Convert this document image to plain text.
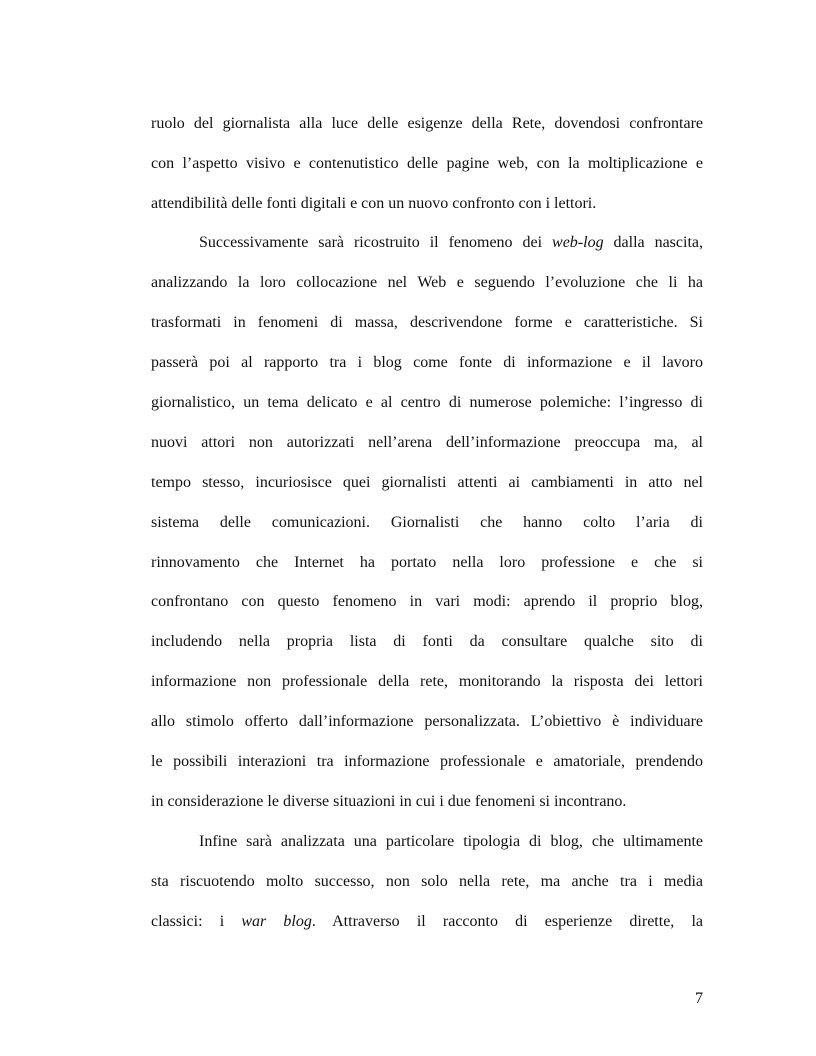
ruolo del giornalista alla luce delle esigenze della Rete, dovendosi confrontare
con l’aspetto visivo e contenutistico delle pagine web, con la moltiplicazione e
attendibilità delle fonti digitali e con un nuovo confronto con i lettori.
Successivamente sarà ricostruito il fenomeno dei web-log dalla nascita,
analizzando la loro collocazione nel Web e seguendo l’evoluzione che li ha
trasformati in fenomeni di massa, descrivendone forme e caratteristiche. Si
passerà poi al rapporto tra i blog come fonte di informazione e il lavoro
giornalistico, un tema delicato e al centro di numerose polemiche: l’ingresso di
nuovi attori non autorizzati nell’arena dell’informazione preoccupa ma, al
tempo stesso, incuriosisce quei giornalisti attenti ai cambiamenti in atto nel
sistema delle comunicazioni. Giornalisti che hanno colto l’aria di
rinnovamento che Internet ha portato nella loro professione e che si
confrontano con questo fenomeno in vari modi: aprendo il proprio blog,
includendo nella propria lista di fonti da consultare qualche sito di
informazione non professionale della rete, monitorando la risposta dei lettori
allo stimolo offerto dall’informazione personalizzata. L’obiettivo è individuare
le possibili interazioni tra informazione professionale e amatoriale, prendendo
in considerazione le diverse situazioni in cui i due fenomeni si incontrano.
Infine sarà analizzata una particolare tipologia di blog, che ultimamente
sta riscuotendo molto successo, non solo nella rete, ma anche tra i media
classici: i war blog. Attraverso il racconto di esperienze dirette, la
7
